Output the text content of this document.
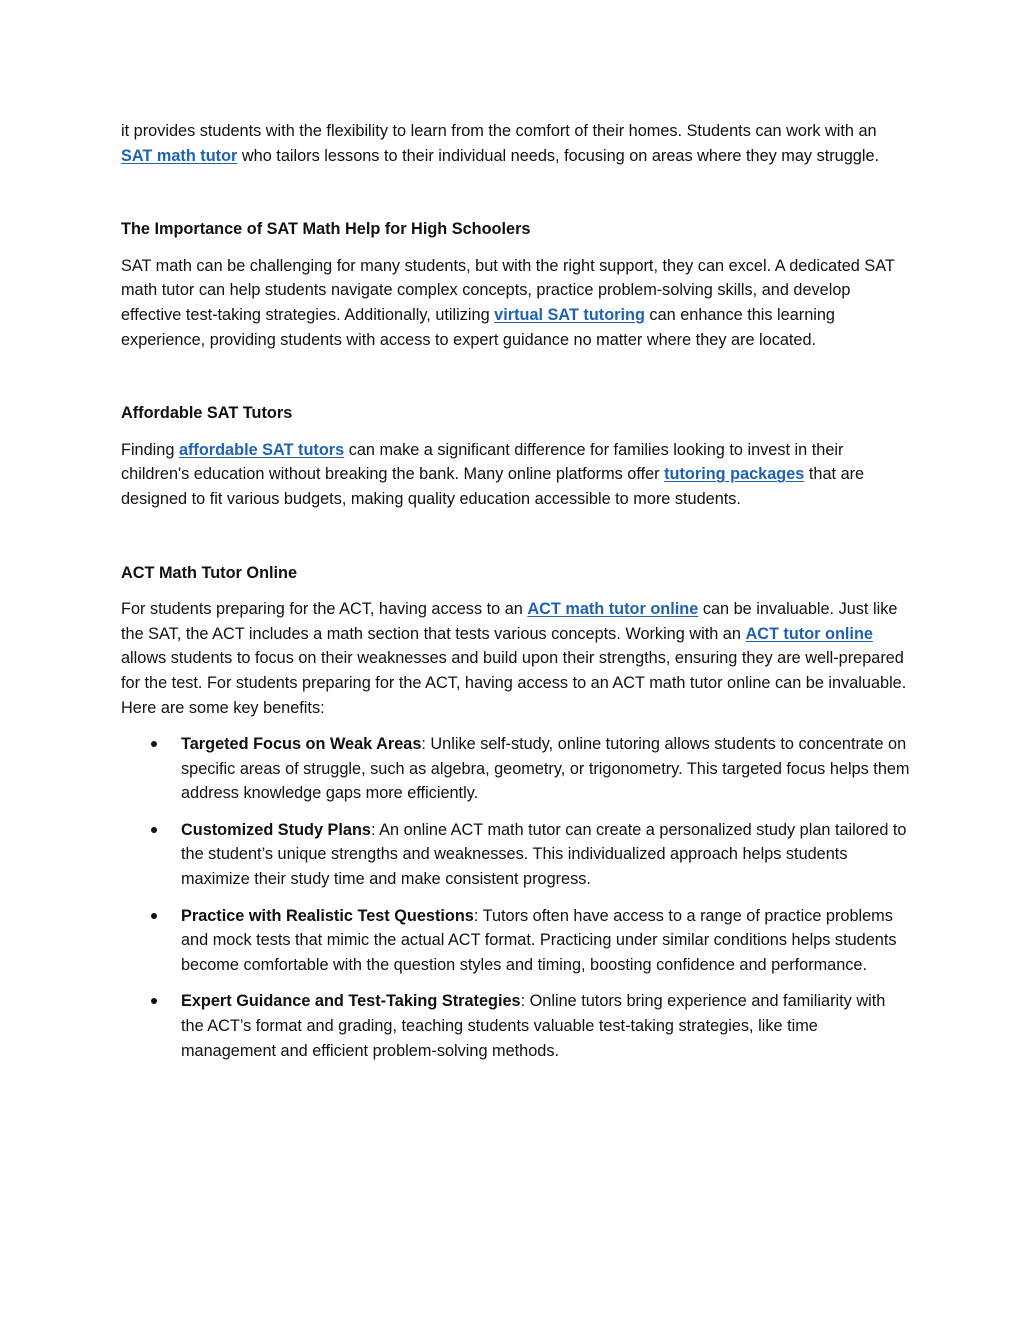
it provides students with the flexibility to learn from the comfort of their homes. Students can work with an SAT math tutor who tailors lessons to their individual needs, focusing on areas where they may struggle.

The Importance of SAT Math Help for High Schoolers

SAT math can be challenging for many students, but with the right support, they can excel. A dedicated SAT math tutor can help students navigate complex concepts, practice problem-solving skills, and develop effective test-taking strategies. Additionally, utilizing virtual SAT tutoring can enhance this learning experience, providing students with access to expert guidance no matter where they are located.

Affordable SAT Tutors

Finding affordable SAT tutors can make a significant difference for families looking to invest in their children's education without breaking the bank. Many online platforms offer tutoring packages that are designed to fit various budgets, making quality education accessible to more students.

ACT Math Tutor Online

For students preparing for the ACT, having access to an ACT math tutor online can be invaluable. Just like the SAT, the ACT includes a math section that tests various concepts. Working with an ACT tutor online allows students to focus on their weaknesses and build upon their strengths, ensuring they are well-prepared for the test. For students preparing for the ACT, having access to an ACT math tutor online can be invaluable. Here are some key benefits:

Targeted Focus on Weak Areas: Unlike self-study, online tutoring allows students to concentrate on specific areas of struggle, such as algebra, geometry, or trigonometry. This targeted focus helps them address knowledge gaps more efficiently.
Customized Study Plans: An online ACT math tutor can create a personalized study plan tailored to the student’s unique strengths and weaknesses. This individualized approach helps students maximize their study time and make consistent progress.
Practice with Realistic Test Questions: Tutors often have access to a range of practice problems and mock tests that mimic the actual ACT format. Practicing under similar conditions helps students become comfortable with the question styles and timing, boosting confidence and performance.
Expert Guidance and Test-Taking Strategies: Online tutors bring experience and familiarity with the ACT’s format and grading, teaching students valuable test-taking strategies, like time management and efficient problem-solving methods.
